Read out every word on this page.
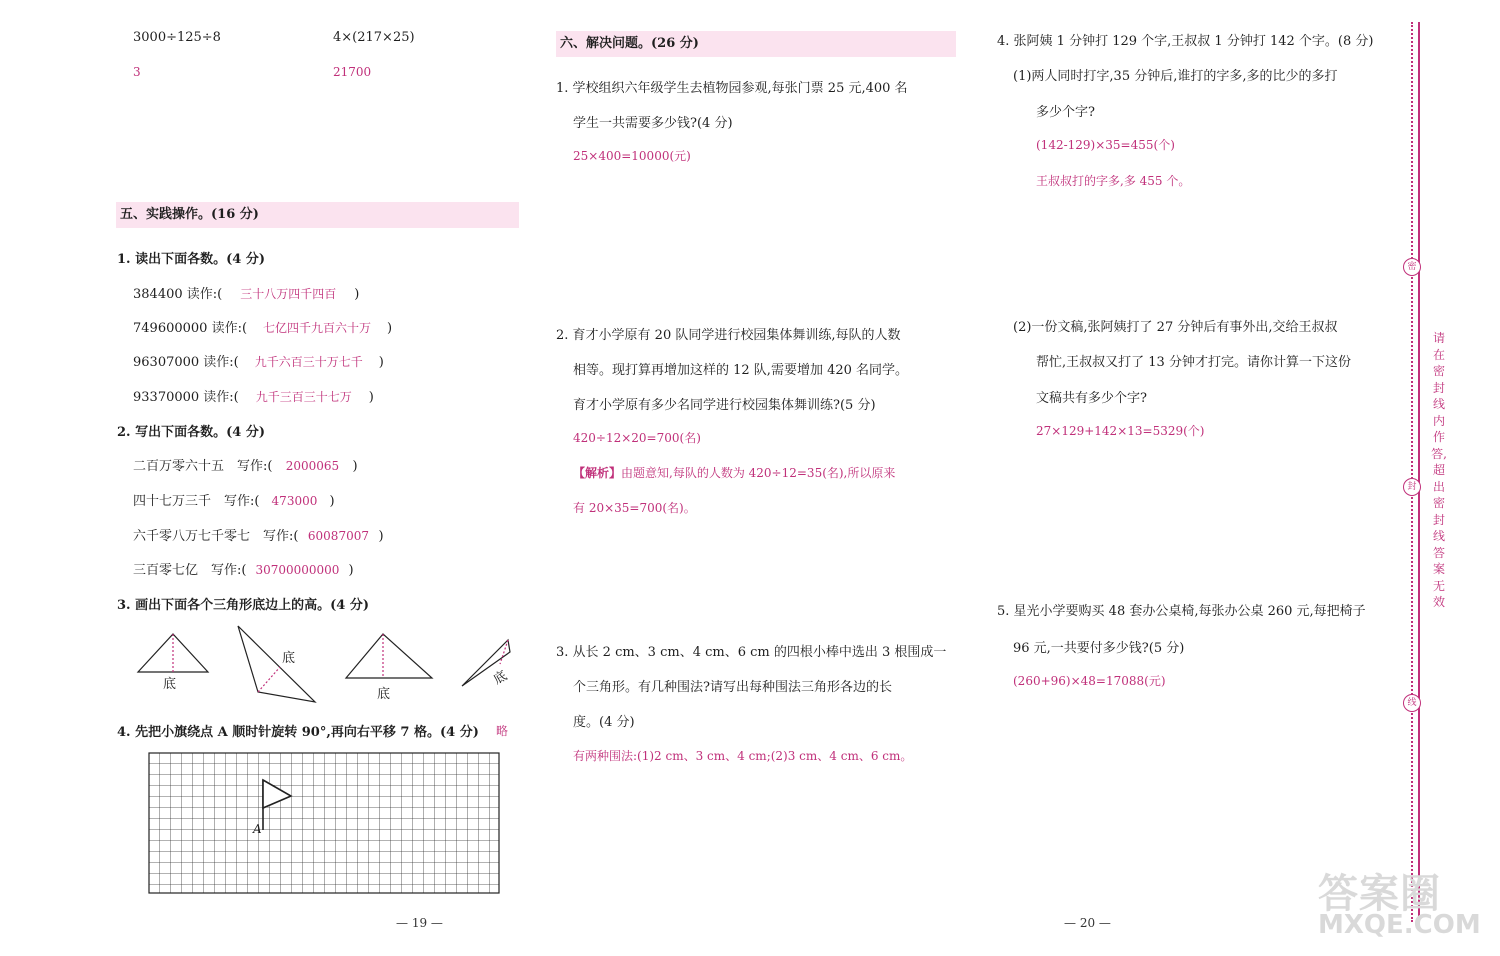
3000÷125÷8
3
4×(217×25)
21700
五、实践操作。(16 分)
1. 读出下面各数。(4 分)
384400 读作:( 三十八万四千四百 )
749600000 读作:( 七亿四千九百六十万 )
96307000 读作:( 九千六百三十万七千 )
93370000 读作:( 九千三百三十七万 )
2. 写出下面各数。(4 分)
二百万零六十五　写作:( 2000065 )
四十七万三千　写作:( 473000 )
六千零八万七千零七　写作:( 60087007 )
三百零七亿　写作:( 30700000000 )
3. 画出下面各个三角形底边上的高。(4 分)
底
底
底
底
4. 先把小旗绕点 A 顺时针旋转 90°,再向右平移 7 格。(4 分) 略
A
— 19 —
六、解决问题。(26 分)
1. 学校组织六年级学生去植物园参观,每张门票 25 元,400 名
学生一共需要多少钱?(4 分)
25×400=10000(元)
2. 育才小学原有 20 队同学进行校园集体舞训练,每队的人数
相等。现打算再增加这样的 12 队,需要增加 420 名同学。
育才小学原有多少名同学进行校园集体舞训练?(5 分)
420÷12×20=700(名)
【解析】由题意知,每队的人数为 420÷12=35(名),所以原来
有 20×35=700(名)。
3. 从长 2 cm、3 cm、4 cm、6 cm 的四根小棒中选出 3 根围成一
个三角形。有几种围法?请写出每种围法三角形各边的长
度。(4 分)
有两种围法:(1)2 cm、3 cm、4 cm;(2)3 cm、4 cm、6 cm。
— 20 —
4. 张阿姨 1 分钟打 129 个字,王叔叔 1 分钟打 142 个字。(8 分)
(1)两人同时打字,35 分钟后,谁打的字多,多的比少的多打
多少个字?
(142-129)×35=455(个)
王叔叔打的字多,多 455 个。
(2)一份文稿,张阿姨打了 27 分钟后有事外出,交给王叔叔
帮忙,王叔叔又打了 13 分钟才打完。请你计算一下这份
文稿共有多少个字?
27×129+142×13=5329(个)
5. 星光小学要购买 48 套办公桌椅,每张办公桌 260 元,每把椅子
96 元,一共要付多少钱?(5 分)
(260+96)×48=17088(元)
密
封
线
请在密封线内作答,超出密封线答案无效
答案圈
MXQE.COM
